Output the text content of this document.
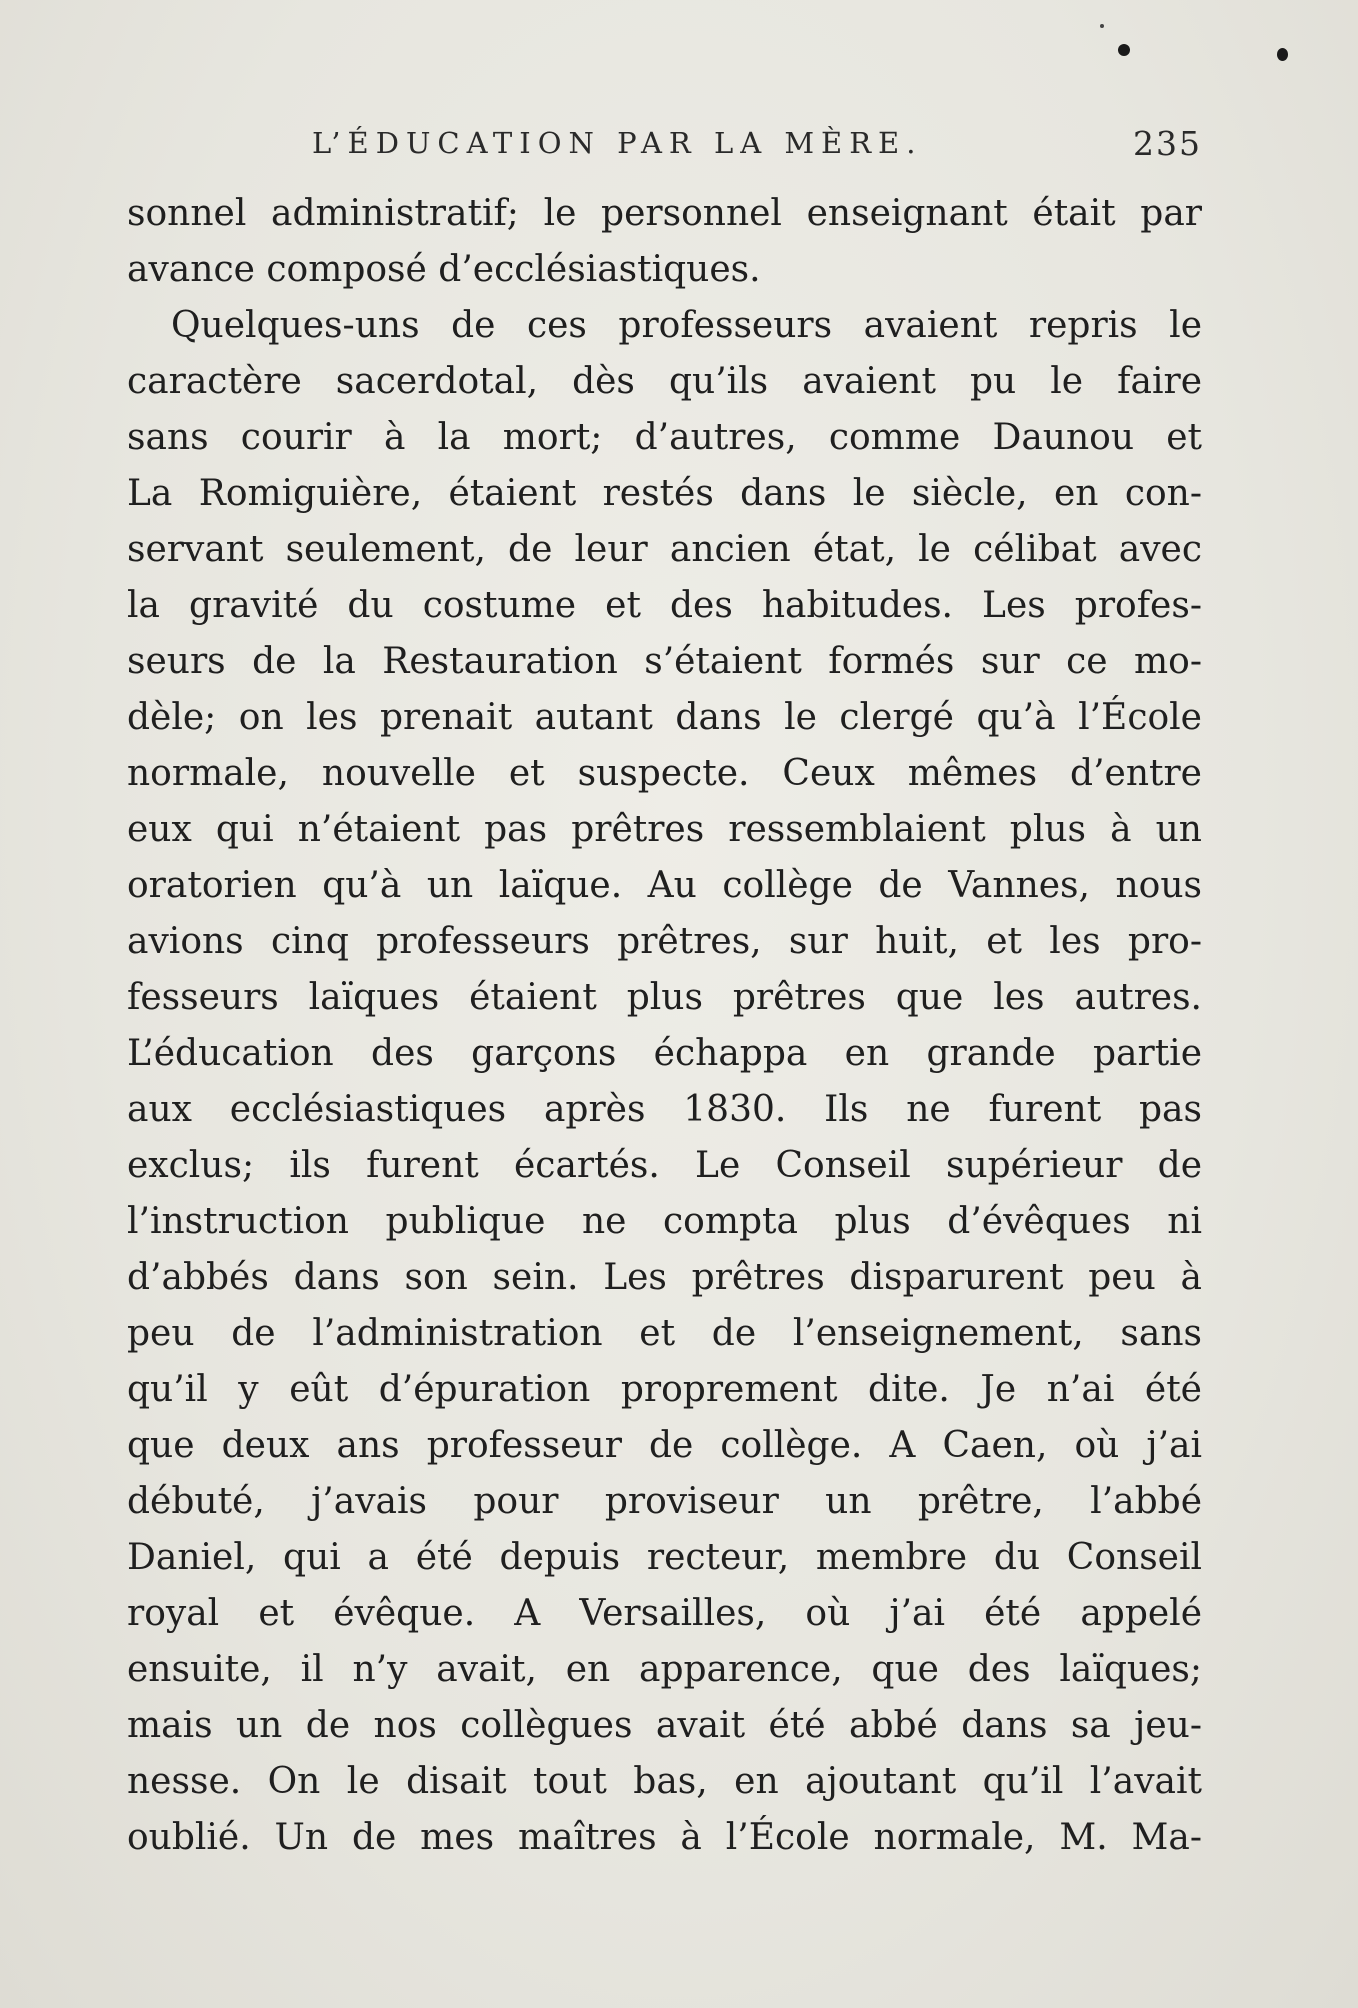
L’ÉDUCATION PAR LA MÈRE.	235
sonnel administratif; le personnel enseignant était par
avance composé d’ecclésiastiques.
Quelques-uns de ces professeurs avaient repris le
caractère sacerdotal, dès qu’ils avaient pu le faire
sans courir à la mort; d’autres, comme Daunou et
La Romiguière, étaient restés dans le siècle, en con-
servant seulement, de leur ancien état, le célibat avec
la gravité du costume et des habitudes. Les profes-
seurs de la Restauration s’étaient formés sur ce mo-
dèle; on les prenait autant dans le clergé qu’à l’École
normale, nouvelle et suspecte. Ceux mêmes d’entre
eux qui n’étaient pas prêtres ressemblaient plus à un
oratorien qu’à un laïque. Au collège de Vannes, nous
avions cinq professeurs prêtres, sur huit, et les pro-
fesseurs laïques étaient plus prêtres que les autres.
L’éducation des garçons échappa en grande partie
aux ecclésiastiques après 1830. Ils ne furent pas
exclus; ils furent écartés. Le Conseil supérieur de
l’instruction publique ne compta plus d’évêques ni
d’abbés dans son sein. Les prêtres disparurent peu à
peu de l’administration et de l’enseignement, sans
qu’il y eût d’épuration proprement dite. Je n’ai été
que deux ans professeur de collège. A Caen, où j’ai
débuté, j’avais pour proviseur un prêtre, l’abbé
Daniel, qui a été depuis recteur, membre du Conseil
royal et évêque. A Versailles, où j’ai été appelé
ensuite, il n’y avait, en apparence, que des laïques;
mais un de nos collègues avait été abbé dans sa jeu-
nesse. On le disait tout bas, en ajoutant qu’il l’avait
oublié. Un de mes maîtres à l’École normale, M. Ma-
